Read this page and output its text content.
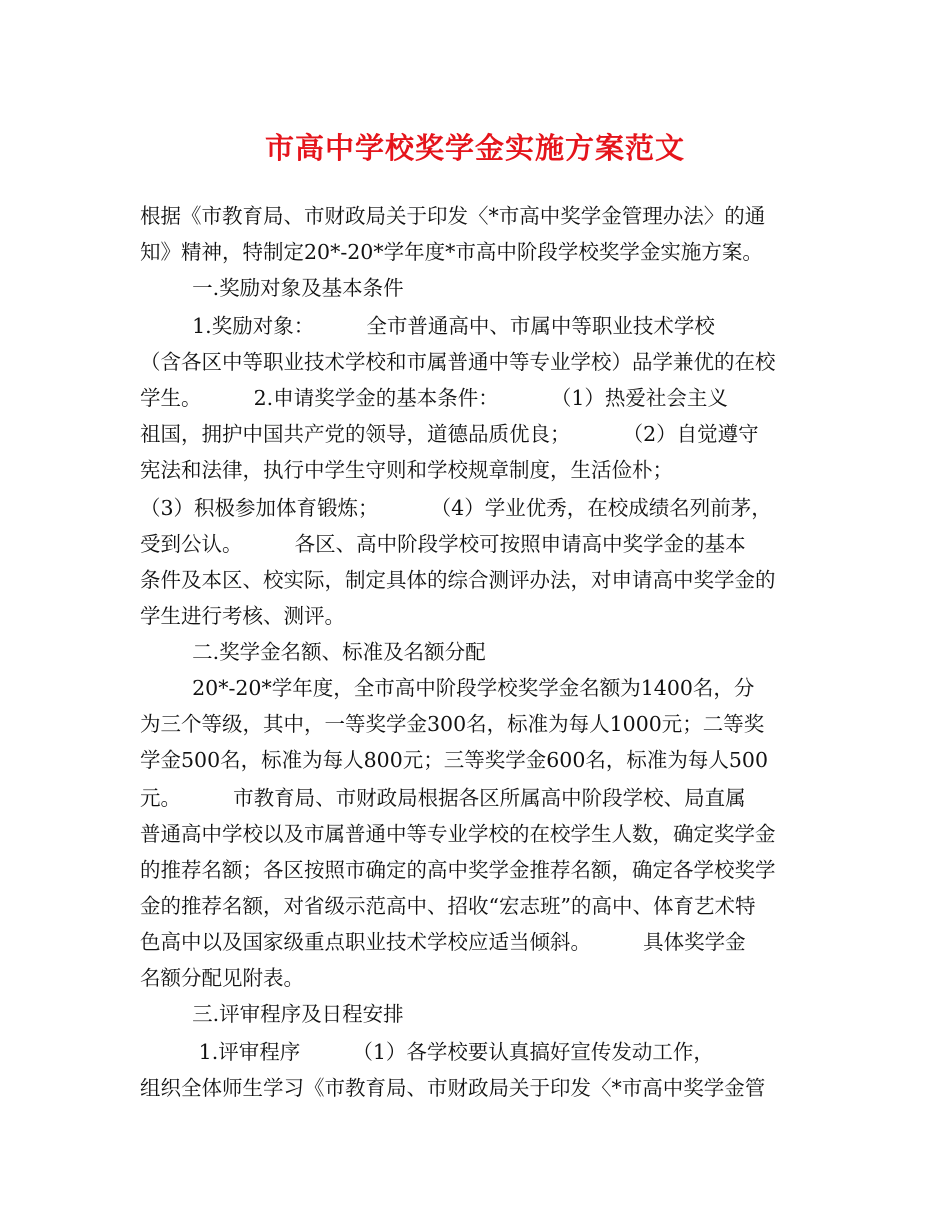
市高中学校奖学金实施方案范文
根据《市教育局、市财政局关于印发〈*市高中奖学金管理办法〉的通
知》精神，特制定20*-20*学年度*市高中阶段学校奖学金实施方案。
一.奖励对象及基本条件
1.奖励对象：        全市普通高中、市属中等职业技术学校
（含各区中等职业技术学校和市属普通中等专业学校）品学兼优的在校
学生。        2.申请奖学金的基本条件：        （1）热爱社会主义
祖国，拥护中国共产党的领导，道德品质优良；        （2）自觉遵守
宪法和法律，执行中学生守则和学校规章制度，生活俭朴；
（3）积极参加体育锻炼；        （4）学业优秀，在校成绩名列前茅，
受到公认。        各区、高中阶段学校可按照申请高中奖学金的基本
条件及本区、校实际，制定具体的综合测评办法，对申请高中奖学金的
学生进行考核、测评。
二.奖学金名额、标准及名额分配
20*-20*学年度，全市高中阶段学校奖学金名额为1400名，分
为三个等级，其中，一等奖学金300名，标准为每人1000元；二等奖
学金500名，标准为每人800元；三等奖学金600名，标准为每人500
元。        市教育局、市财政局根据各区所属高中阶段学校、局直属
普通高中学校以及市属普通中等专业学校的在校学生人数，确定奖学金
的推荐名额；各区按照市确定的高中奖学金推荐名额，确定各学校奖学
金的推荐名额，对省级示范高中、招收“宏志班”的高中、体育艺术特
色高中以及国家级重点职业技术学校应适当倾斜。        具体奖学金
名额分配见附表。
三.评审程序及日程安排
1.评审程序        （1）各学校要认真搞好宣传发动工作，
组织全体师生学习《市教育局、市财政局关于印发〈*市高中奖学金管
